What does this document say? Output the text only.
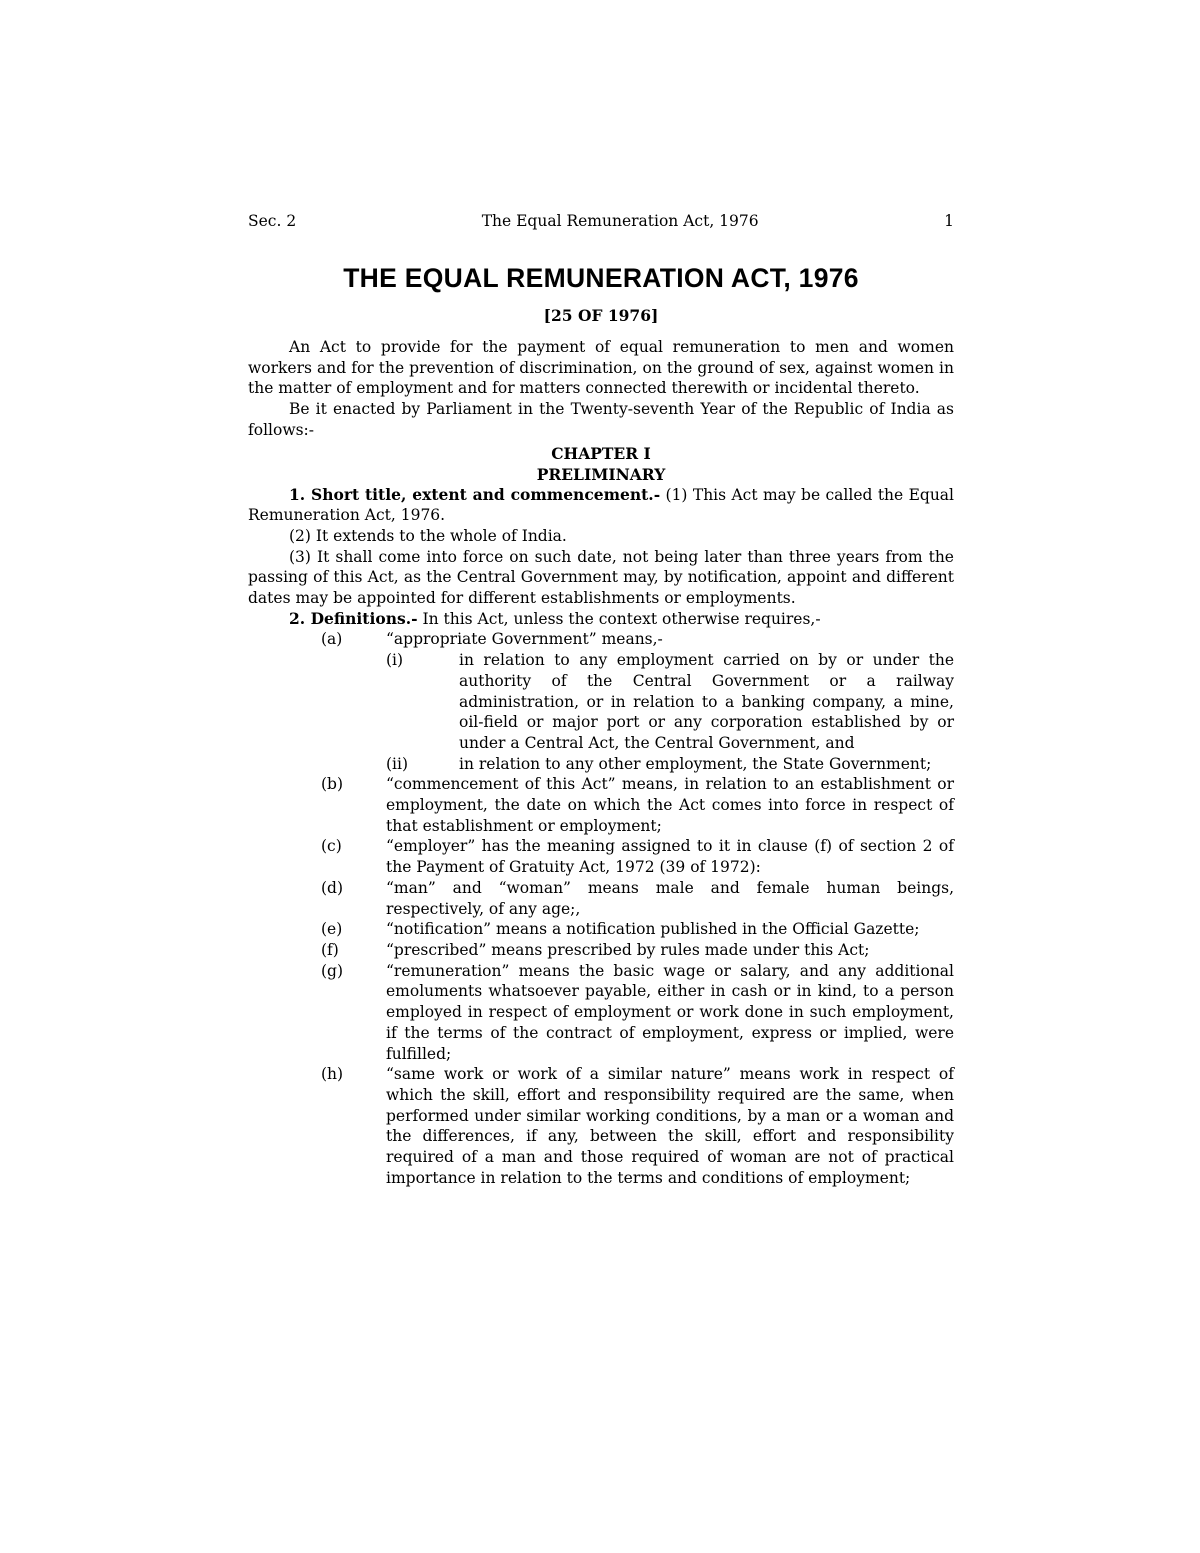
Sec. 2	The Equal Remuneration Act, 1976	1
THE EQUAL REMUNERATION ACT, 1976
[25 OF 1976]

An Act to provide for the payment of equal remuneration to men and women workers and for the prevention of discrimination, on the ground of sex, against women in the matter of employment and for matters connected therewith or incidental thereto.

Be it enacted by Parliament in the Twenty-seventh Year of the Republic of India as follows:-

CHAPTER I
PRELIMINARY

1. Short title, extent and commencement.- (1) This Act may be called the Equal Remuneration Act, 1976.

(2) It extends to the whole of India.

(3) It shall come into force on such date, not being later than three years from the passing of this Act, as the Central Government may, by notification, appoint and different dates may be appointed for different establishments or employments.

2. Definitions.- In this Act, unless the context otherwise requires,-

(a)	“appropriate Government” means,-
(i)	in relation to any employment carried on by or under the authority of the Central Government or a railway administration, or in relation to a banking company, a mine, oil-field or major port or any corporation established by or under a Central Act, the Central Government, and
(ii)	in relation to any other employment, the State Government;
(b)	“commencement of this Act” means, in relation to an establishment or employment, the date on which the Act comes into force in respect of that establishment or employment;
(c)	“employer” has the meaning assigned to it in clause (f) of section 2 of the Payment of Gratuity Act, 1972 (39 of 1972):
(d)	“man” and “woman” means male and female human beings, respectively, of any age;,
(e)	“notification” means a notification published in the Official Gazette;
(f)	“prescribed” means prescribed by rules made under this Act;
(g)	“remuneration” means the basic wage or salary, and any additional emoluments whatsoever payable, either in cash or in kind, to a person employed in respect of employment or work done in such employment, if the terms of the contract of employment, express or implied, were fulfilled;
(h)	“same work or work of a similar nature” means work in respect of which the skill, effort and responsibility required are the same, when performed under similar working conditions, by a man or a woman and the differences, if any, between the skill, effort and responsibility required of a man and those required of woman are not of practical importance in relation to the terms and conditions of employment;
